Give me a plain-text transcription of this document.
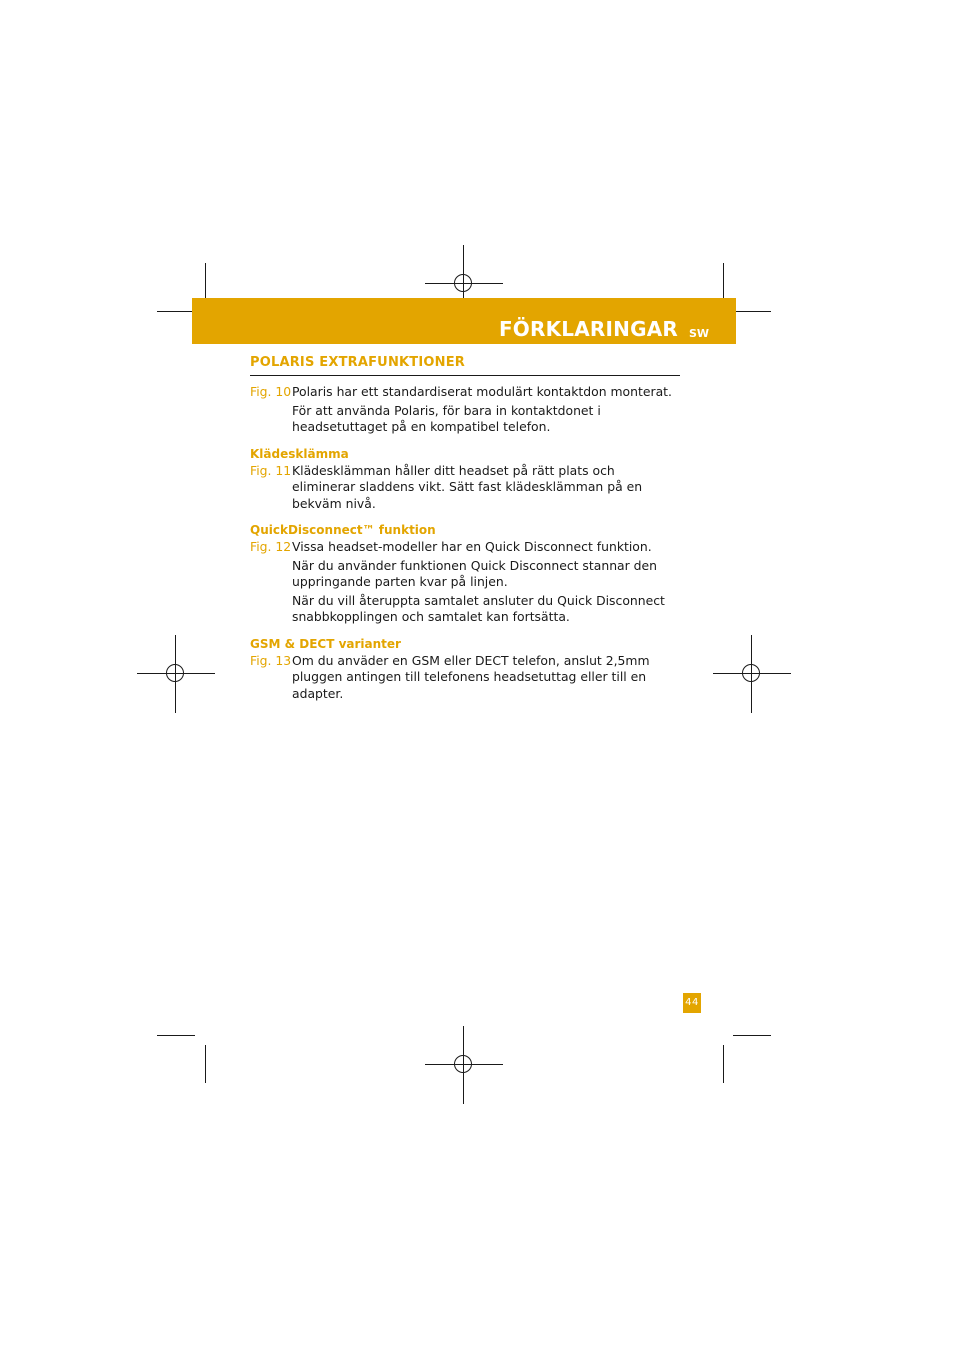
FÖRKLARINGAR SW
POLARIS EXTRAFUNKTIONER
Fig. 10 Polaris har ett standardiserat modulärt kontaktdon monterat.

För att använda Polaris, för bara in kontaktdonet i headsetuttaget på en kompatibel telefon.

Klädesklämma
Fig. 11 Klädesklämman håller ditt headset på rätt plats och eliminerar sladdens vikt. Sätt fast klädesklämman på en bekväm nivå.

QuickDisconnect™ funktion
Fig. 12 Vissa headset-modeller har en Quick Disconnect funktion.

När du använder funktionen Quick Disconnect stannar den uppringande parten kvar på linjen.

När du vill återuppta samtalet ansluter du Quick Disconnect snabbkopplingen och samtalet kan fortsätta.

GSM & DECT varianter
Fig. 13 Om du anväder en GSM eller DECT telefon, anslut 2,5mm pluggen antingen till telefonens headsetuttag eller till en adapter.

44
